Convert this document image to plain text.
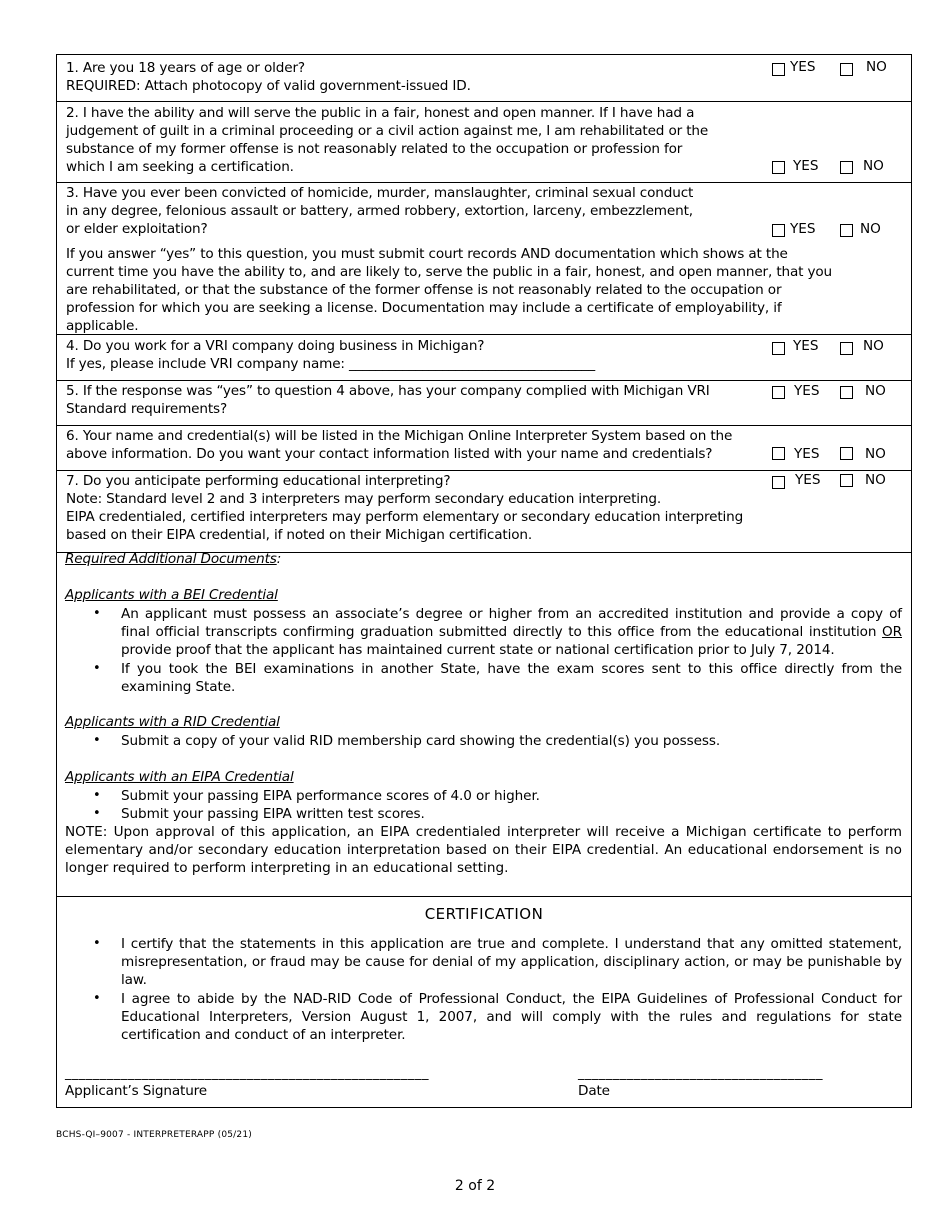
1. Are you 18 years of age or older?
REQUIRED: Attach photocopy of valid government-issued ID.
YES	NO
2. I have the ability and will serve the public in a fair, honest and open manner. If I have had a
judgement of guilt in a criminal proceeding or a civil action against me, I am rehabilitated or the
substance of my former offense is not reasonably related to the occupation or profession for
which I am seeking a certification.	YES	NO
3. Have you ever been convicted of homicide, murder, manslaughter, criminal sexual conduct
in any degree, felonious assault or battery, armed robbery, extortion, larceny, embezzlement,
or elder exploitation?	YES	NO
If you answer “yes” to this question, you must submit court records AND documentation which shows at the
current time you have the ability to, and are likely to, serve the public in a fair, honest, and open manner, that you
are rehabilitated, or that the substance of the former offense is not reasonably related to the occupation or
profession for which you are seeking a license. Documentation may include a certificate of employability, if
applicable.
4. Do you work for a VRI company doing business in Michigan?
If yes, please include VRI company name: _____________________________________
YES	NO
5. If the response was “yes” to question 4 above, has your company complied with Michigan VRI
Standard requirements?
YES	NO
6. Your name and credential(s) will be listed in the Michigan Online Interpreter System based on the
above information. Do you want your contact information listed with your name and credentials?	YES	NO
7. Do you anticipate performing educational interpreting?
Note: Standard level 2 and 3 interpreters may perform secondary education interpreting.
EIPA credentialed, certified interpreters may perform elementary or secondary education interpreting
based on their EIPA credential, if noted on their Michigan certification.
YES	NO
Required Additional Documents:
Applicants with a BEI Credential
• An applicant must possess an associate’s degree or higher from an accredited institution and provide a copy of final official transcripts confirming graduation submitted directly to this office from the educational institution OR provide proof that the applicant has maintained current state or national certification prior to July 7, 2014.
• If you took the BEI examinations in another State, have the exam scores sent to this office directly from the examining State.
Applicants with a RID Credential
• Submit a copy of your valid RID membership card showing the credential(s) you possess.
Applicants with an EIPA Credential
• Submit your passing EIPA performance scores of 4.0 or higher.
• Submit your passing EIPA written test scores.
NOTE: Upon approval of this application, an EIPA credentialed interpreter will receive a Michigan certificate to perform elementary and/or secondary education interpretation based on their EIPA credential. An educational endorsement is no longer required to perform interpreting in an educational setting.
CERTIFICATION
• I certify that the statements in this application are true and complete. I understand that any omitted statement, misrepresentation, or fraud may be cause for denial of my application, disciplinary action, or may be punishable by law.
• I agree to abide by the NAD-RID Code of Professional Conduct, the EIPA Guidelines of Professional Conduct for Educational Interpreters, Version August 1, 2007, and will comply with the rules and regulations for state certification and conduct of an interpreter.
____________________________________________________
Applicant’s Signature
___________________________________
Date
BCHS-QI–9007 - INTERPRETERAPP (05/21)
2 of 2
